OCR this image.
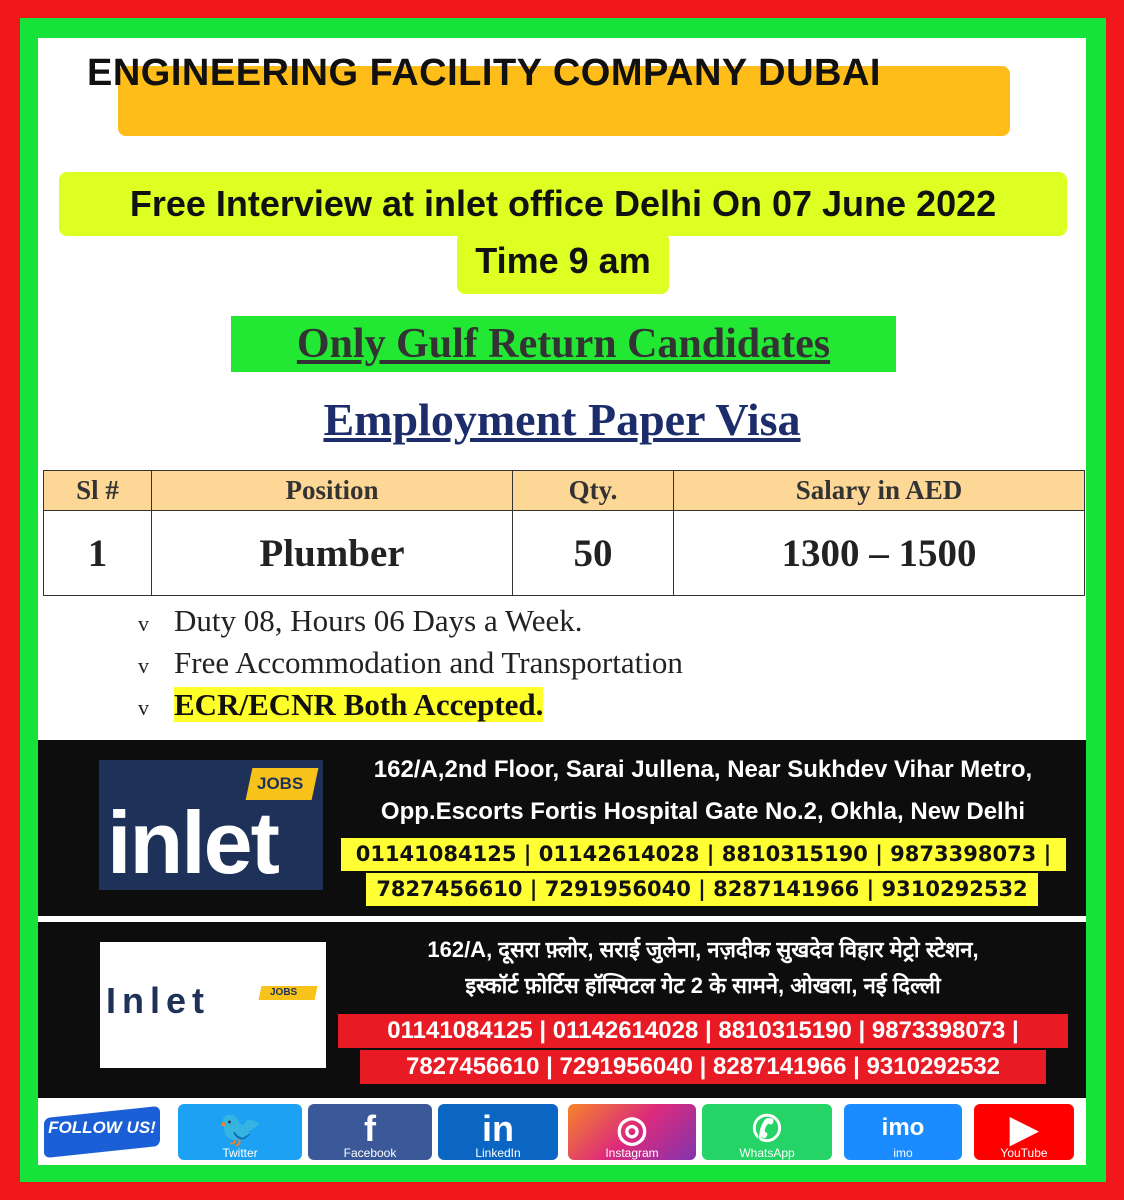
ENGINEERING FACILITY COMPANY DUBAI
Free Interview at inlet office Delhi On 07 June 2022
Time 9 am
Only Gulf Return Candidates
Employment Paper Visa
Sl #	Position	Qty.	Salary in AED
1	Plumber	50	1300 – 1500
v Duty 08, Hours 06 Days a Week.
v Free Accommodation and Transportation
v ECR/ECNR Both Accepted.
JOBS
inlet
162/A,2nd Floor, Sarai Jullena, Near Sukhdev Vihar Metro,
Opp.Escorts Fortis Hospital Gate No.2, Okhla, New Delhi
01141084125 | 01142614028 | 8810315190 | 9873398073 |
7827456610 | 7291956040 | 8287141966 | 9310292532
JOBS
Inlet
162/A, दूसरा फ़्लोर, सराई जुलेना, नज़दीक सुखदेव विहार मेट्रो स्टेशन,
इस्कॉर्ट फ़ोर्टिस हॉस्पिटल गेट 2 के सामने, ओखला, नई दिल्ली
01141084125 | 01142614028 | 8810315190 | 9873398073 |
7827456610 | 7291956040 | 8287141966 | 9310292532
FOLLOW US!	🐦
Twitter
f
Facebook
in
LinkedIn
◎
Instagram
✆
WhatsApp
imo
imo
▶
YouTube
